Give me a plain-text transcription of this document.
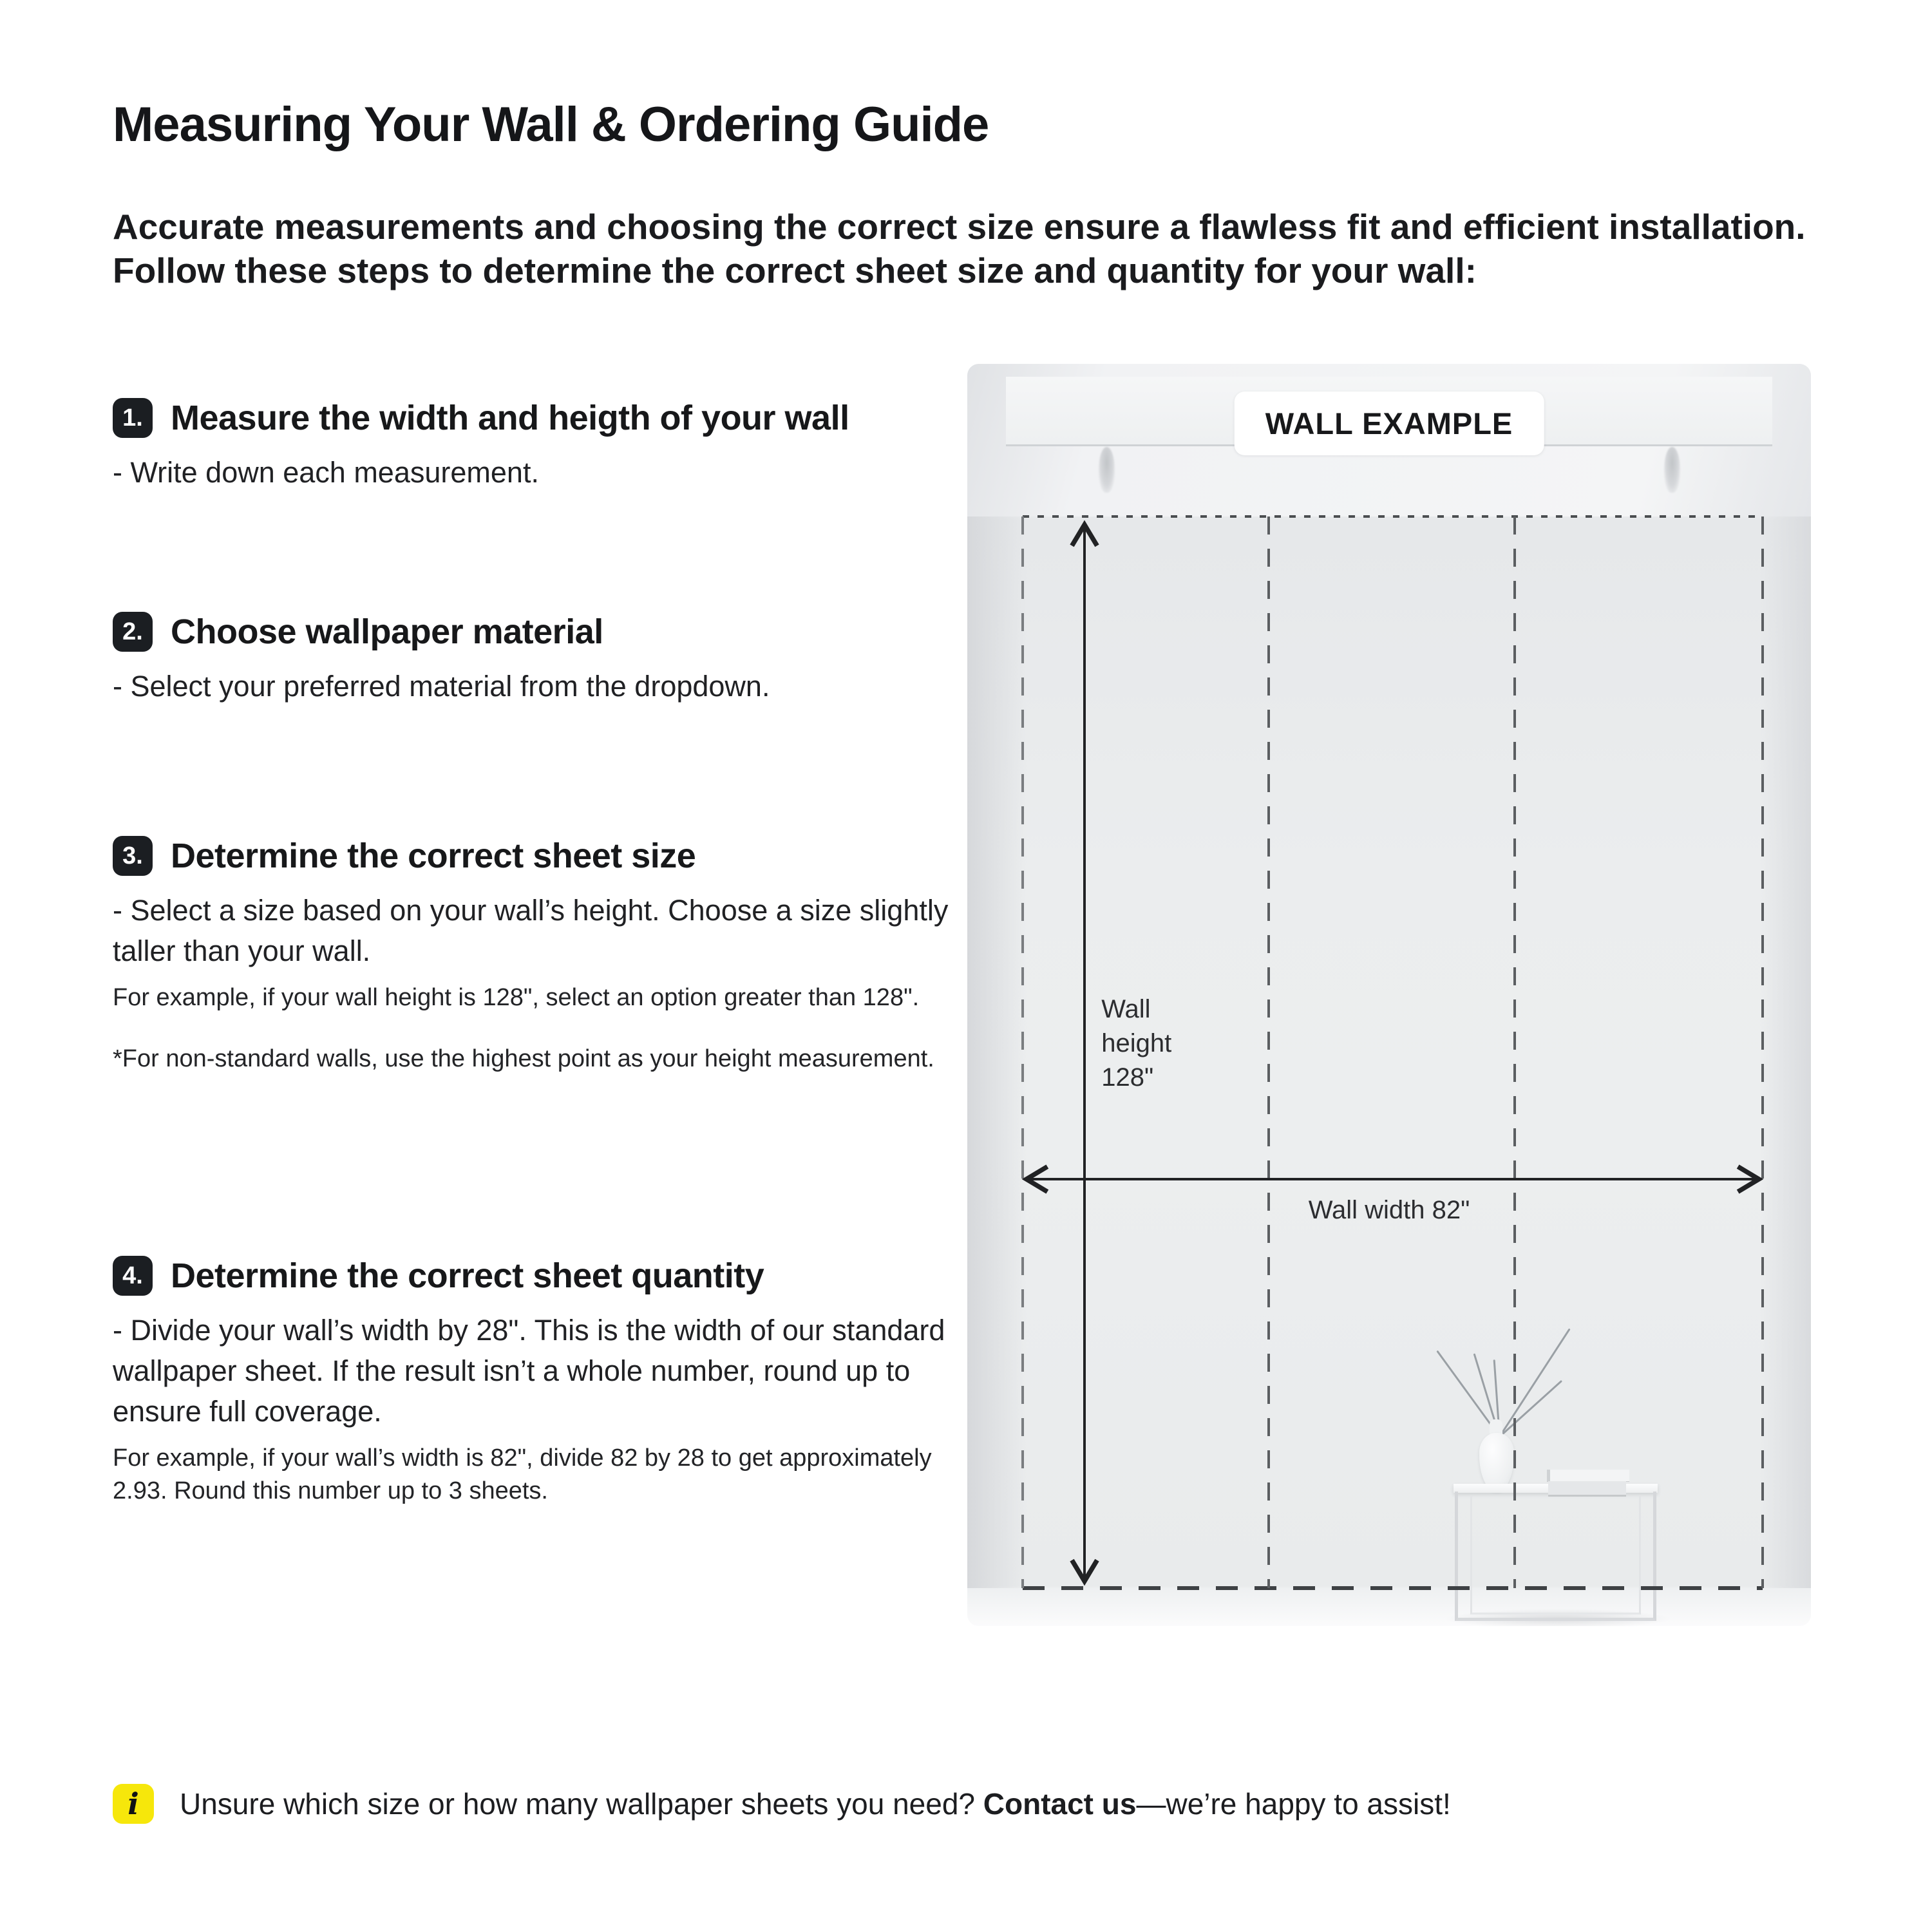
Measuring Your Wall & Ordering Guide
Accurate measurements and choosing the correct size ensure a flawless fit and efficient installation.
Follow these steps to determine the correct sheet size and quantity for your wall:
1. Measure the width and heigth of your wall

- Write down each measurement.

2. Choose wallpaper material

- Select your preferred material from the dropdown.

3. Determine the correct sheet size

- Select a size based on your wall’s height. Choose a size slightly taller than your wall.

For example, if your wall height is 128", select an option greater than 128".

*For non-standard walls, use the highest point as your height measurement.

4. Determine the correct sheet quantity

- Divide your wall’s width by 28". This is the width of our standard wallpaper sheet. If the result isn’t a whole number, round up to ensure full coverage.

For example, if your wall’s width is 82", divide 82 by 28 to get approximately 2.93. Round this number up to 3 sheets.

WALL EXAMPLE
Wall height 128"
Wall width 82"
i	Unsure which size or how many wallpaper sheets you need? Contact us—we’re happy to assist!
